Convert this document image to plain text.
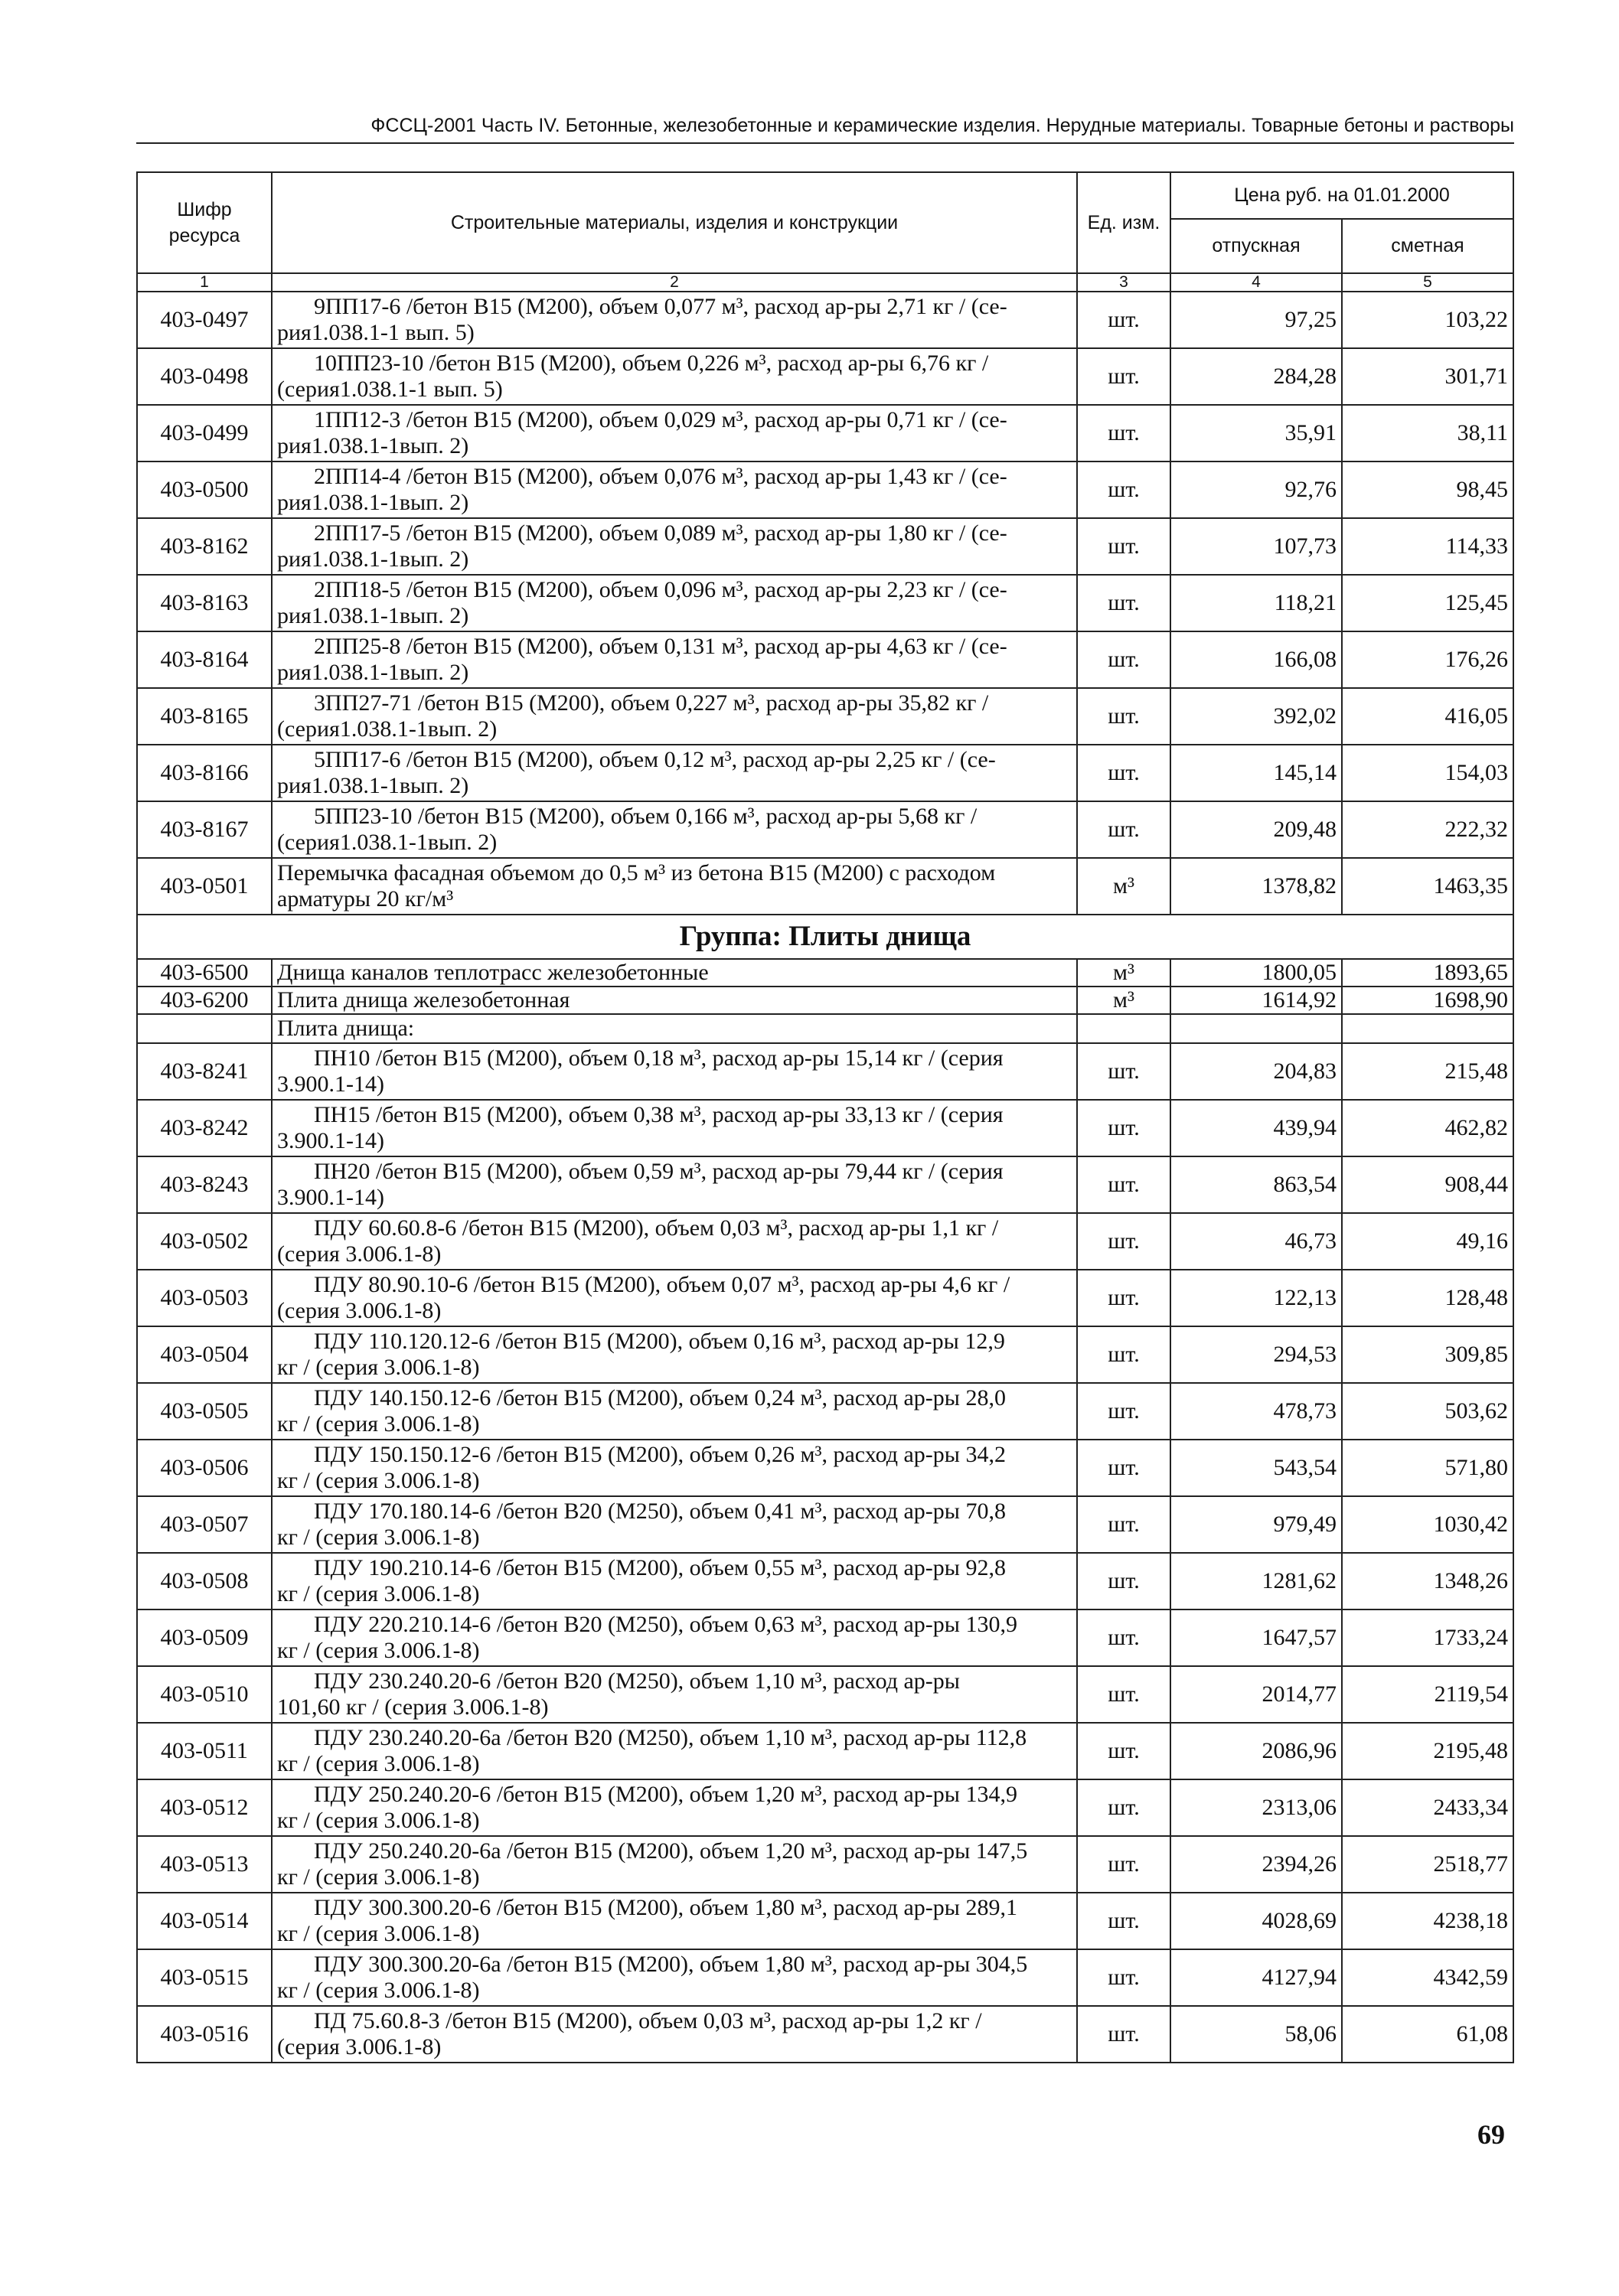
ФССЦ-2001 Часть IV. Бетонные, железобетонные и керамические изделия. Нерудные материалы. Товарные бетоны и растворы
Шифр ресурса	Строительные материалы, изделия и конструкции	Ед. изм.	Цена руб. на 01.01.2000	
			отпускная	сметная
1	2	3	4	5
403-0497	9ПП17-6 /бетон В15 (М200), объем 0,077 м³, расход ар-ры 2,71 кг / (се-
рия1.038.1-1 вып. 5)	шт.	97,25	103,22
403-0498	10ПП23-10 /бетон В15 (М200), объем 0,226 м³, расход ар-ры 6,76 кг /
(серия1.038.1-1 вып. 5)	шт.	284,28	301,71
403-0499	1ПП12-3 /бетон В15 (М200), объем 0,029 м³, расход ар-ры 0,71 кг / (се-
рия1.038.1-1вып. 2)	шт.	35,91	38,11
403-0500	2ПП14-4 /бетон В15 (М200), объем 0,076 м³, расход ар-ры 1,43 кг / (се-
рия1.038.1-1вып. 2)	шт.	92,76	98,45
403-8162	2ПП17-5 /бетон В15 (М200), объем 0,089 м³, расход ар-ры 1,80 кг / (се-
рия1.038.1-1вып. 2)	шт.	107,73	114,33
403-8163	2ПП18-5 /бетон В15 (М200), объем 0,096 м³, расход ар-ры 2,23 кг / (се-
рия1.038.1-1вып. 2)	шт.	118,21	125,45
403-8164	2ПП25-8 /бетон В15 (М200), объем 0,131 м³, расход ар-ры 4,63 кг / (се-
рия1.038.1-1вып. 2)	шт.	166,08	176,26
403-8165	3ПП27-71 /бетон В15 (М200), объем 0,227 м³, расход ар-ры 35,82 кг /
(серия1.038.1-1вып. 2)	шт.	392,02	416,05
403-8166	5ПП17-6 /бетон В15 (М200), объем 0,12 м³, расход ар-ры 2,25 кг / (се-
рия1.038.1-1вып. 2)	шт.	145,14	154,03
403-8167	5ПП23-10 /бетон В15 (М200), объем 0,166 м³, расход ар-ры 5,68 кг /
(серия1.038.1-1вып. 2)	шт.	209,48	222,32
403-0501	Перемычка фасадная объемом до 0,5 м³ из бетона В15 (М200) с расходом
арматуры 20 кг/м³	м³	1378,82	1463,35
Группа: Плиты днища				
403-6500	Днища каналов теплотрасс железобетонные	м³	1800,05	1893,65
403-6200	Плита днища железобетонная	м³	1614,92	1698,90
	Плита днища:			
403-8241	ПН10 /бетон В15 (М200), объем 0,18 м³, расход ар-ры 15,14 кг / (серия
3.900.1-14)	шт.	204,83	215,48
403-8242	ПН15 /бетон В15 (М200), объем 0,38 м³, расход ар-ры 33,13 кг / (серия
3.900.1-14)	шт.	439,94	462,82
403-8243	ПН20 /бетон В15 (М200), объем 0,59 м³, расход ар-ры 79,44 кг / (серия
3.900.1-14)	шт.	863,54	908,44
403-0502	ПДУ 60.60.8-6 /бетон В15 (М200), объем 0,03 м³, расход ар-ры 1,1 кг /
(серия 3.006.1-8)	шт.	46,73	49,16
403-0503	ПДУ 80.90.10-6 /бетон В15 (М200), объем 0,07 м³, расход ар-ры 4,6 кг /
(серия 3.006.1-8)	шт.	122,13	128,48
403-0504	ПДУ 110.120.12-6 /бетон В15 (М200), объем 0,16 м³, расход ар-ры 12,9
кг / (серия 3.006.1-8)	шт.	294,53	309,85
403-0505	ПДУ 140.150.12-6 /бетон В15 (М200), объем 0,24 м³, расход ар-ры 28,0
кг / (серия 3.006.1-8)	шт.	478,73	503,62
403-0506	ПДУ 150.150.12-6 /бетон В15 (М200), объем 0,26 м³, расход ар-ры 34,2
кг / (серия 3.006.1-8)	шт.	543,54	571,80
403-0507	ПДУ 170.180.14-6 /бетон В20 (М250), объем 0,41 м³, расход ар-ры 70,8
кг / (серия 3.006.1-8)	шт.	979,49	1030,42
403-0508	ПДУ 190.210.14-6 /бетон В15 (М200), объем 0,55 м³, расход ар-ры 92,8
кг / (серия 3.006.1-8)	шт.	1281,62	1348,26
403-0509	ПДУ 220.210.14-6 /бетон В20 (М250), объем 0,63 м³, расход ар-ры 130,9
кг / (серия 3.006.1-8)	шт.	1647,57	1733,24
403-0510	ПДУ 230.240.20-6 /бетон В20 (М250), объем 1,10 м³, расход ар-ры
101,60 кг / (серия 3.006.1-8)	шт.	2014,77	2119,54
403-0511	ПДУ 230.240.20-6а /бетон В20 (М250), объем 1,10 м³, расход ар-ры 112,8
кг / (серия 3.006.1-8)	шт.	2086,96	2195,48
403-0512	ПДУ 250.240.20-6 /бетон В15 (М200), объем 1,20 м³, расход ар-ры 134,9
кг / (серия 3.006.1-8)	шт.	2313,06	2433,34
403-0513	ПДУ 250.240.20-6а /бетон В15 (М200), объем 1,20 м³, расход ар-ры 147,5
кг / (серия 3.006.1-8)	шт.	2394,26	2518,77
403-0514	ПДУ 300.300.20-6 /бетон В15 (М200), объем 1,80 м³, расход ар-ры 289,1
кг / (серия 3.006.1-8)	шт.	4028,69	4238,18
403-0515	ПДУ 300.300.20-6а /бетон В15 (М200), объем 1,80 м³, расход ар-ры 304,5
кг / (серия 3.006.1-8)	шт.	4127,94	4342,59
403-0516	ПД 75.60.8-3 /бетон В15 (М200), объем 0,03 м³, расход ар-ры 1,2 кг /
(серия 3.006.1-8)	шт.	58,06	61,08
69
